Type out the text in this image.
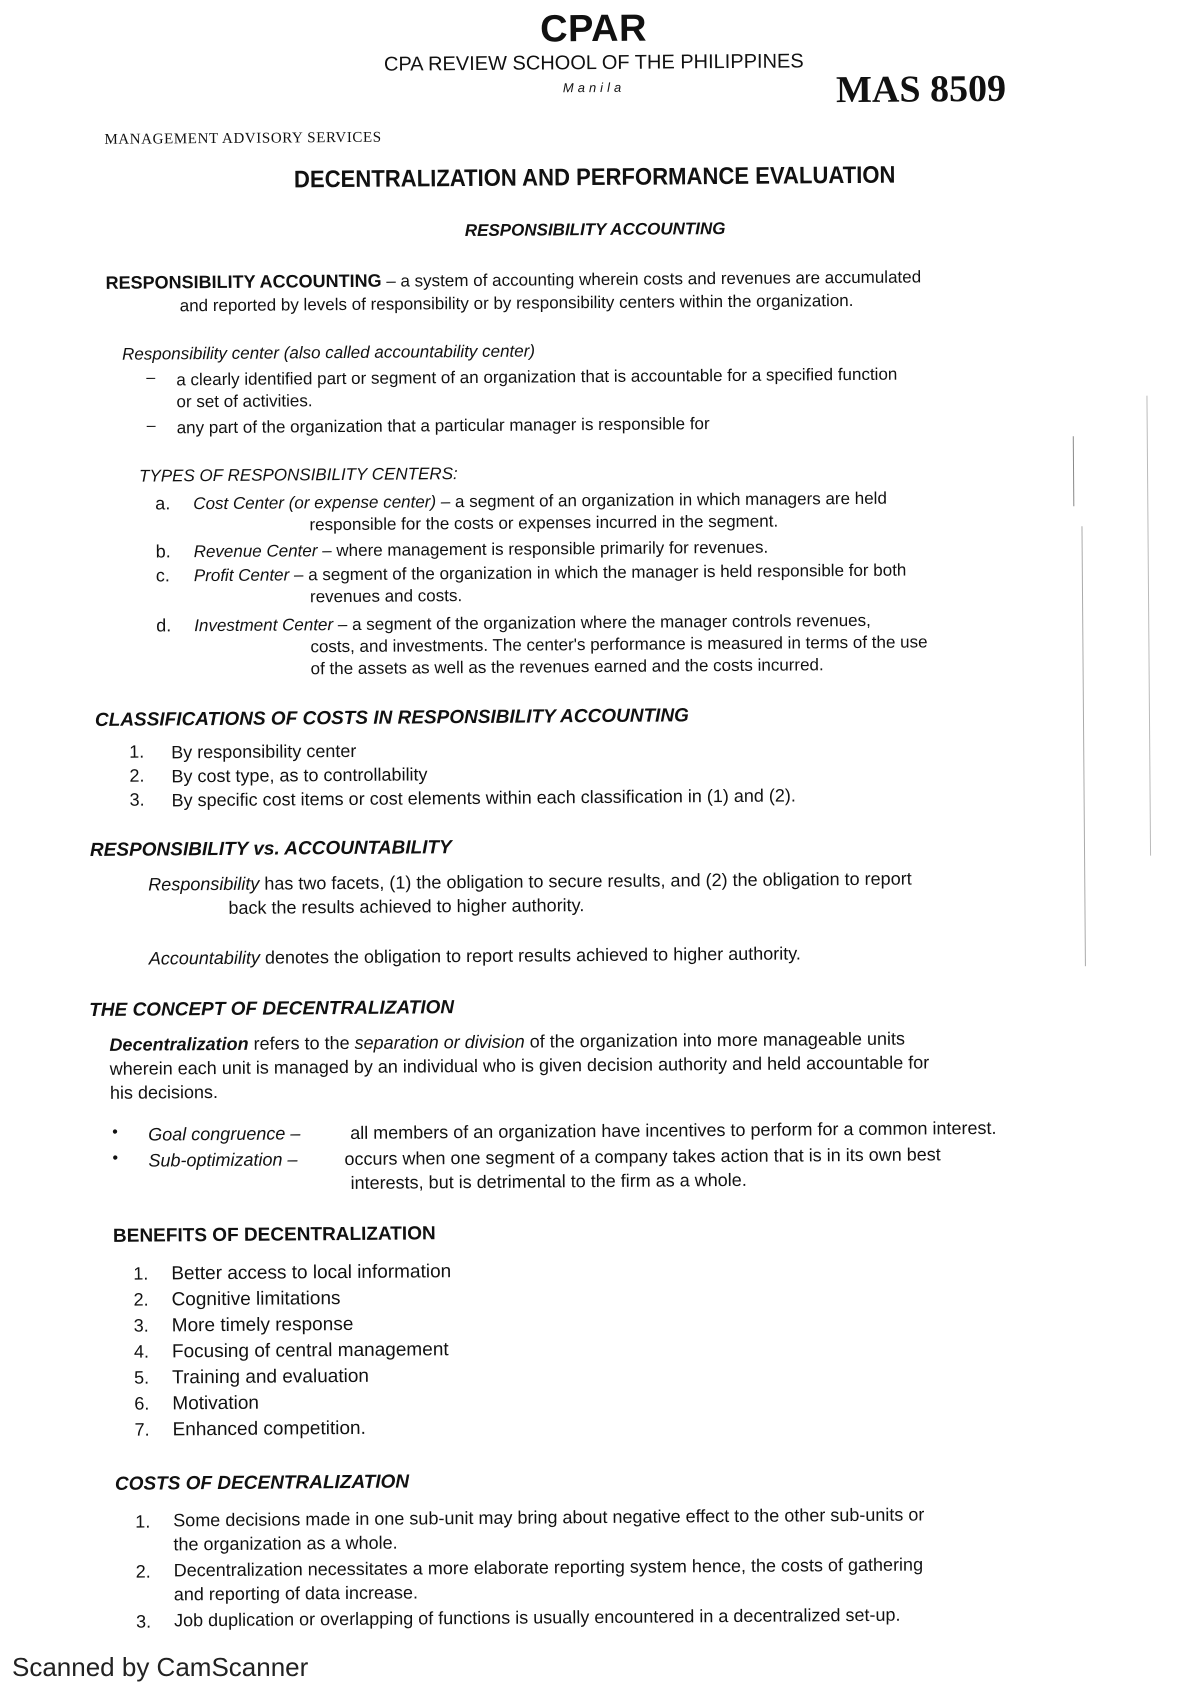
CPAR
CPA REVIEW SCHOOL OF THE PHILIPPINES
Manila	MAS 8509
MANAGEMENT ADVISORY SERVICES
DECENTRALIZATION AND PERFORMANCE EVALUATION
RESPONSIBILITY ACCOUNTING
RESPONSIBILITY ACCOUNTING – a system of accounting wherein costs and revenues are accumulated
and reported by levels of responsibility or by responsibility centers within the organization.
Responsibility center (also called accountability center)
– a clearly identified part or segment of an organization that is accountable for a specified function
or set of activities.
– any part of the organization that a particular manager is responsible for
TYPES OF RESPONSIBILITY CENTERS:
a. Cost Center (or expense center) – a segment of an organization in which managers are held
responsible for the costs or expenses incurred in the segment.
b. Revenue Center – where management is responsible primarily for revenues.
c. Profit Center – a segment of the organization in which the manager is held responsible for both
revenues and costs.
d. Investment Center – a segment of the organization where the manager controls revenues,
costs, and investments. The center's performance is measured in terms of the use
of the assets as well as the revenues earned and the costs incurred.
CLASSIFICATIONS OF COSTS IN RESPONSIBILITY ACCOUNTING
1. By responsibility center
2. By cost type, as to controllability
3. By specific cost items or cost elements within each classification in (1) and (2).
RESPONSIBILITY vs. ACCOUNTABILITY
Responsibility has two facets, (1) the obligation to secure results, and (2) the obligation to report
back the results achieved to higher authority.
Accountability denotes the obligation to report results achieved to higher authority.
THE CONCEPT OF DECENTRALIZATION
Decentralization refers to the separation or division of the organization into more manageable units
wherein each unit is managed by an individual who is given decision authority and held accountable for
his decisions.
• Goal congruence –	all members of an organization have incentives to perform for a common interest.
• Sub-optimization –	occurs when one segment of a company takes action that is in its own best
interests, but is detrimental to the firm as a whole.
BENEFITS OF DECENTRALIZATION
1. Better access to local information
2. Cognitive limitations
3. More timely response
4. Focusing of central management
5. Training and evaluation
6. Motivation
7. Enhanced competition.
COSTS OF DECENTRALIZATION
1. Some decisions made in one sub-unit may bring about negative effect to the other sub-units or
the organization as a whole.
2. Decentralization necessitates a more elaborate reporting system hence, the costs of gathering
and reporting of data increase.
3. Job duplication or overlapping of functions is usually encountered in a decentralized set-up.
Scanned by CamScanner
